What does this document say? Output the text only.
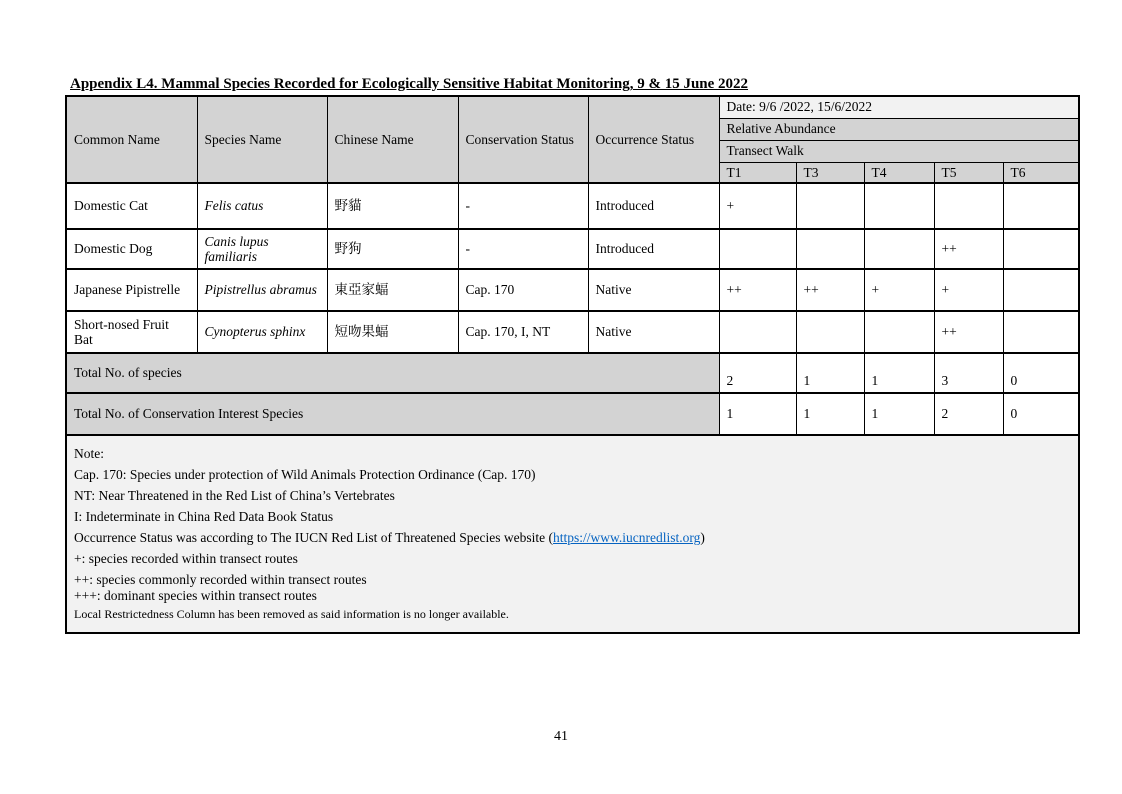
Appendix L4. Mammal Species Recorded for Ecologically Sensitive Habitat Monitoring, 9 & 15 June 2022
Common Name	Species Name	Chinese Name	Conservation Status	Occurrence Status	Date: 9/6 /2022, 15/6/2022				
					Relative Abundance				
					Transect Walk				
					T1	T3	T4	T5	T6
Domestic Cat	Felis catus	野貓	-	Introduced	+				
Domestic Dog	Canis lupus familiaris	野狗	-	Introduced				++	
Japanese Pipistrelle	Pipistrellus abramus	東亞家蝠	Cap. 170	Native	++	++	+	+	
Short-nosed Fruit Bat	Cynopterus sphinx	短吻果蝠	Cap. 170, I, NT	Native				++	
Total No. of species					2	1	1	3	0
Total No. of Conservation Interest Species					1	1	1	2	0

Note:
Cap. 170: Species under protection of Wild Animals Protection Ordinance (Cap. 170)
NT: Near Threatened in the Red List of China’s Vertebrates
I: Indeterminate in China Red Data Book Status
Occurrence Status was according to The IUCN Red List of Threatened Species website (https://www.iucnredlist.org)
+: species recorded within transect routes
++: species commonly recorded within transect routes
+++: dominant species within transect routes
Local Restrictedness Column has been removed as said information is no longer available.
41
